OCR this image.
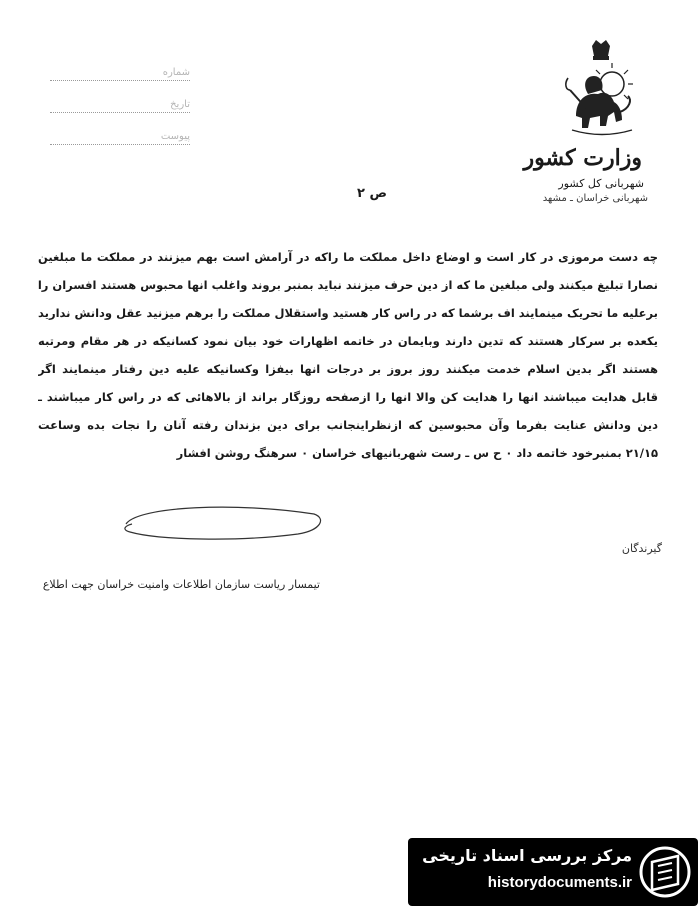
شماره
تاریخ
پیوست
وزارت کشور
شهربانی کل کشور
شهربانی خراسان ـ مشهد
ص ۲
چه دست مرموزی در کار است و اوضاع داخل مملکت ما راکه در آرامش است بهم میزنند در مملکت ما مبلغین
نصارا تبلیغ میکنند ولی مبلغین ما که از دین حرف میزنند نباید بمنبر بروند واغلب انها محبوس هستند افسران را
برعلیه ما تحریک مینمایند اف برشما که در راس کار هستید واستقلال مملکت را برهم میزنید عقل ودانش ندارید
یکعده بر سرکار هستند که تدین دارند وبایمان در خاتمه اظهارات خود بیان نمود کسانیکه در هر مقام ومرتبه
هستند اگر بدین اسلام خدمت میکنند روز بروز بر درجات انها بیفزا وکسانیکه علیه دین رفتار مینمایند اگر
قابل هدایت میباشند انها را هدایت کن والا انها را ازصفحه روزگار براند از بالاهائی که در راس کار میباشند ـ
دین ودانش عنایت بفرما وآن محبوسین که ازنظراینجانب برای دین بزندان رفته آنان را نجات بده وساعت
۲۱/۱۵ بمنبرخود خاتمه داد ٠ ح س ـ رست شهربانیهای خراسان ٠ سرهنگ روشن افشار
گیرندگان
تیمسار ریاست سازمان اطلاعات وامنیت خراسان جهت اطلاع
مرکز بررسی اسناد تاریخی
historydocuments.ir
